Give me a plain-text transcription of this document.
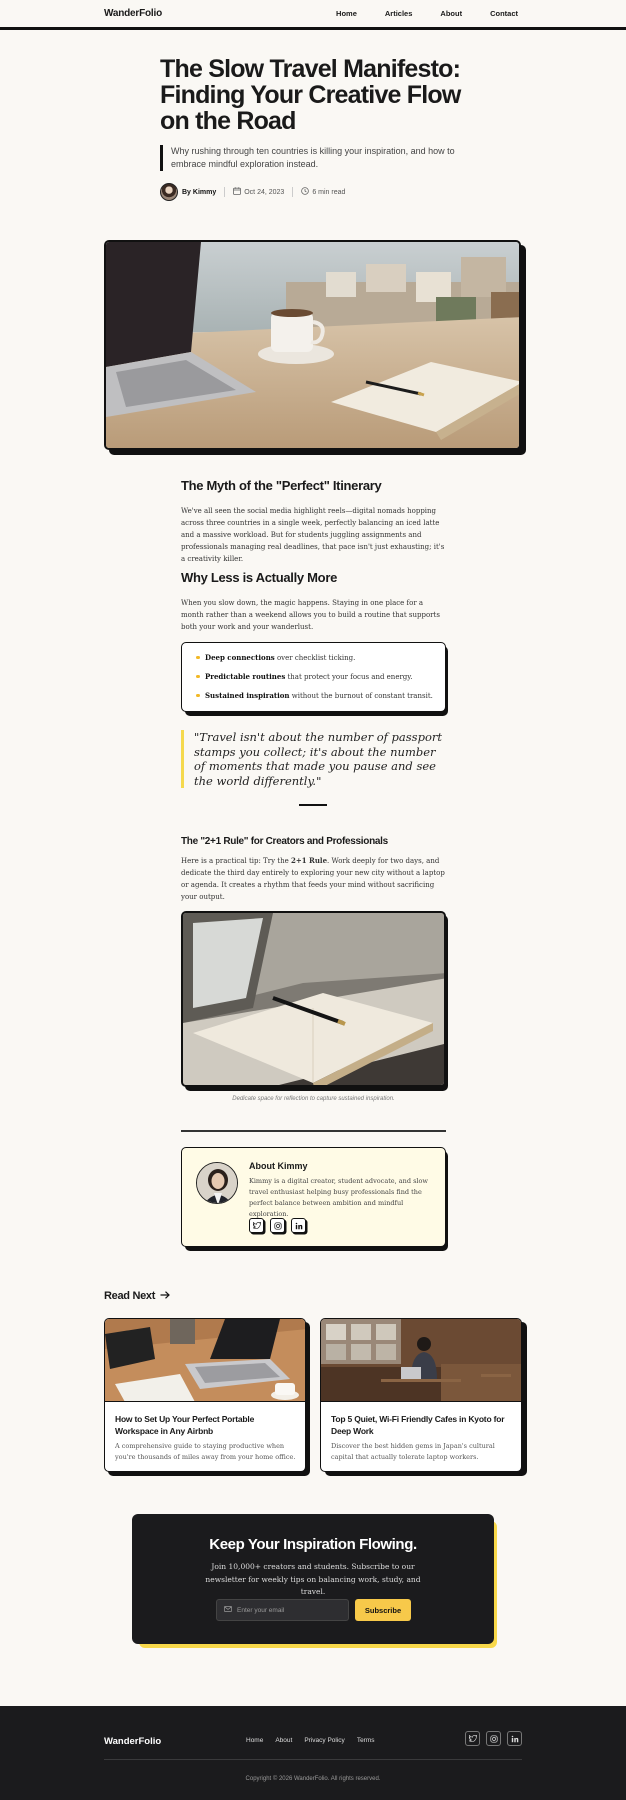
WanderFolio	Home	Articles	About	Contact
The Slow Travel Manifesto: Finding Your Creative Flow on the Road

Why rushing through ten countries is killing your inspiration, and how to embrace mindful exploration instead.

By Kimmy	Oct 24, 2023	6 min read
The Myth of the "Perfect" Itinerary

We've all seen the social media highlight reels—digital nomads hopping across three countries in a single week, perfectly balancing an iced latte and a massive workload. But for students juggling assignments and professionals managing real deadlines, that pace isn't just exhausting; it's a creativity killer.

Why Less is Actually More

When you slow down, the magic happens. Staying in one place for a month rather than a weekend allows you to build a routine that supports both your work and your wanderlust.

Deep connections over checklist ticking.
Predictable routines that protect your focus and energy.
Sustained inspiration without the burnout of constant transit.
"Travel isn't about the number of passport stamps you collect; it's about the number of moments that made you pause and see the world differently."
The "2+1 Rule" for Creators and Professionals

Here is a practical tip: Try the 2+1 Rule. Work deeply for two days, and dedicate the third day entirely to exploring your new city without a laptop or agenda. It creates a rhythm that feeds your mind without sacrificing your output.

Dedicate space for reflection to capture sustained inspiration.

About Kimmy

Kimmy is a digital creator, student advocate, and slow travel enthusiast helping busy professionals find the perfect balance between ambition and mindful exploration.

Read Next
How to Set Up Your Perfect Portable Workspace in Any Airbnb

A comprehensive guide to staying productive when you're thousands of miles away from your home office.

Top 5 Quiet, Wi-Fi Friendly Cafes in Kyoto for Deep Work

Discover the best hidden gems in Japan's cultural capital that actually tolerate laptop workers.

Keep Your Inspiration Flowing.

Join 10,000+ creators and students. Subscribe to our newsletter for weekly tips on balancing work, study, and travel.

Enter your email	Subscribe
WanderFolio	Home About Privacy Policy Terms
Copyright © 2026 WanderFolio. All rights reserved.
